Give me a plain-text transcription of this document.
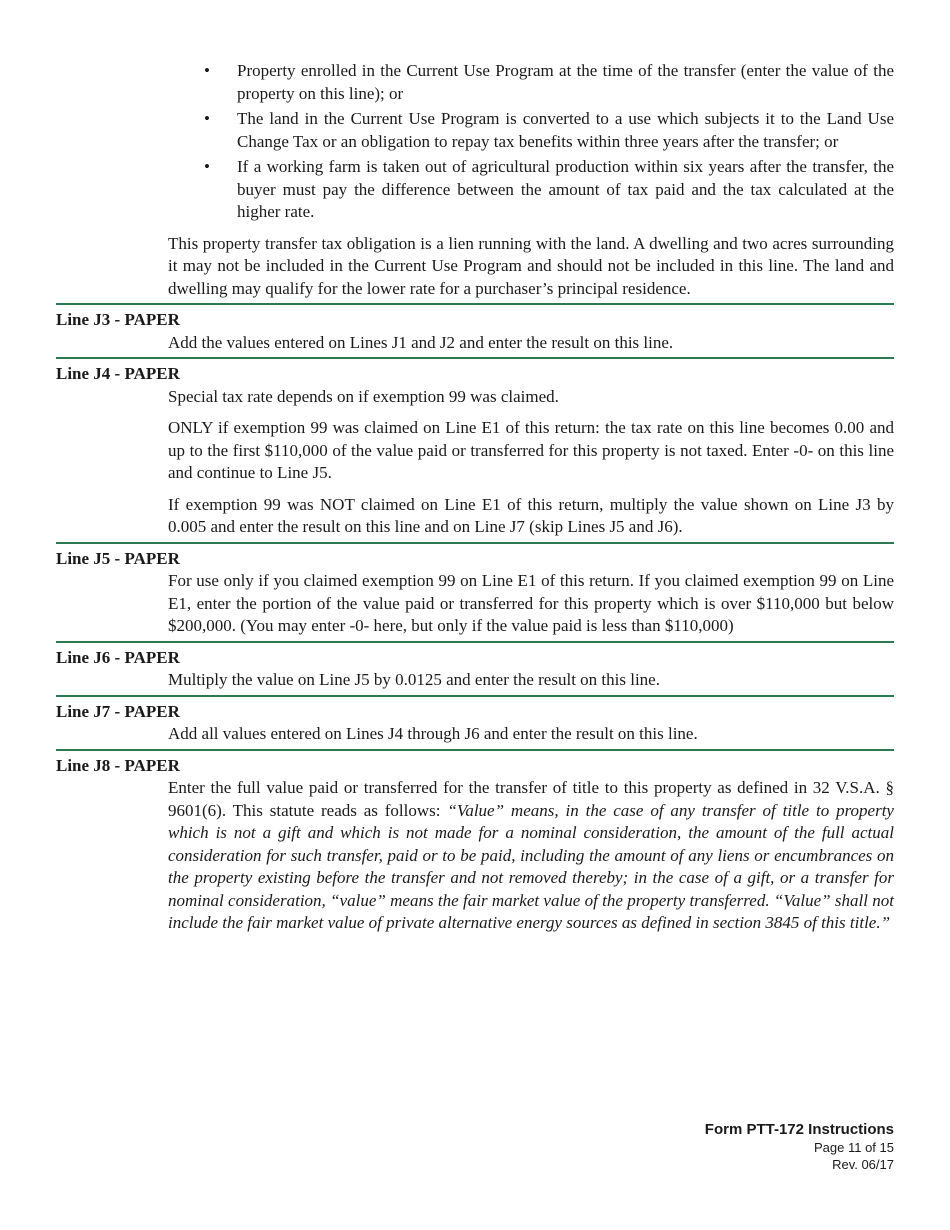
• Property enrolled in the Current Use Program at the time of the transfer (enter the value of the property on this line); or
• The land in the Current Use Program is converted to a use which subjects it to the Land Use Change Tax or an obligation to repay tax benefits within three years after the transfer; or
• If a working farm is taken out of agricultural production within six years after the transfer, the buyer must pay the difference between the amount of tax paid and the tax calculated at the higher rate.

This property transfer tax obligation is a lien running with the land. A dwelling and two acres surrounding it may not be included in the Current Use Program and should not be included in this line. The land and dwelling may qualify for the lower rate for a purchaser’s principal residence.

Line J3 - PAPER

Add the values entered on Lines J1 and J2 and enter the result on this line.

Line J4 - PAPER

Special tax rate depends on if exemption 99 was claimed.

ONLY if exemption 99 was claimed on Line E1 of this return: the tax rate on this line becomes 0.00 and up to the first $110,000 of the value paid or transferred for this property is not taxed. Enter -0- on this line and continue to Line J5.

If exemption 99 was NOT claimed on Line E1 of this return, multiply the value shown on Line J3 by 0.005 and enter the result on this line and on Line J7 (skip Lines J5 and J6).

Line J5 - PAPER

For use only if you claimed exemption 99 on Line E1 of this return. If you claimed exemption 99 on Line E1, enter the portion of the value paid or transferred for this property which is over $110,000 but below $200,000. (You may enter -0- here, but only if the value paid is less than $110,000)

Line J6 - PAPER

Multiply the value on Line J5 by 0.0125 and enter the result on this line.

Line J7 - PAPER

Add all values entered on Lines J4 through J6 and enter the result on this line.

Line J8 - PAPER

Enter the full value paid or transferred for the transfer of title to this property as defined in 32 V.S.A. § 9601(6). This statute reads as follows: “Value” means, in the case of any transfer of title to property which is not a gift and which is not made for a nominal consideration, the amount of the full actual consideration for such transfer, paid or to be paid, including the amount of any liens or encumbrances on the property existing before the transfer and not removed thereby; in the case of a gift, or a transfer for nominal consideration, “value” means the fair market value of the property transferred. “Value” shall not include the fair market value of private alternative energy sources as defined in section 3845 of this title.”

Form PTT-172 Instructions
Page 11 of 15
Rev. 06/17
